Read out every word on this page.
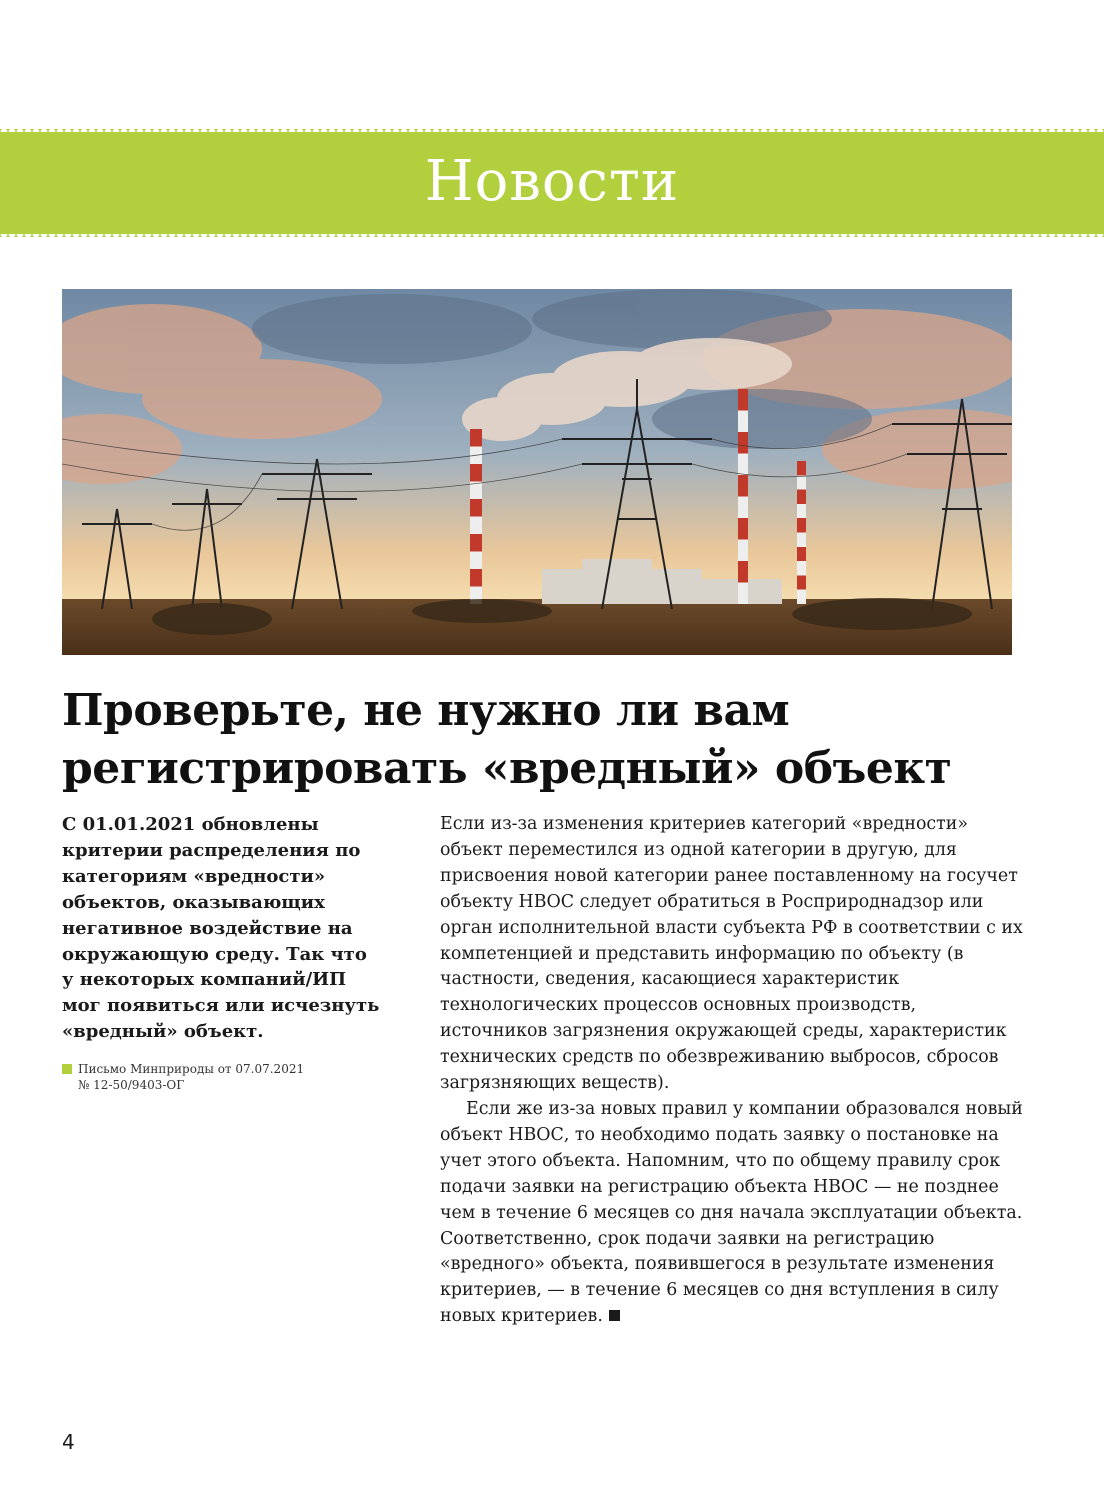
Новости
Проверьте, не нужно ли вам регистрировать «вредный» объект

С 01.01.2021 обновлены критерии распределения по категориям «вредности» объектов, оказывающих негативное воздействие на окружающую среду. Так что у некоторых компаний/ИП мог появиться или исчезнуть «вредный» объект.

Письмо Минприроды от 07.07.2021
№ 12-50/9403-ОГ

Если из-за изменения критериев категорий «вредности» объект переместился из одной категории в другую, для присвоения новой категории ранее поставленному на госучет объекту НВОС следует обратиться в Росприроднадзор или орган исполнительной власти субъекта РФ в соответствии с их компетенцией и представить информацию по объекту (в частности, сведения, касающиеся характеристик технологических процессов основных производств, источников загрязнения окружающей среды, характеристик технических средств по обезвреживанию выбросов, сбросов загрязняющих веществ).

Если же из-за новых правил у компании образовался новый объект НВОС, то необходимо подать заявку о постановке на учет этого объекта. Напомним, что по общему правилу срок подачи заявки на регистрацию объекта НВОС — не позднее чем в течение 6 месяцев со дня начала эксплуатации объекта. Соответственно, срок подачи заявки на регистрацию «вредного» объекта, появившегося в результате изменения критериев, — в течение 6 месяцев со дня вступления в силу новых критериев.

4
